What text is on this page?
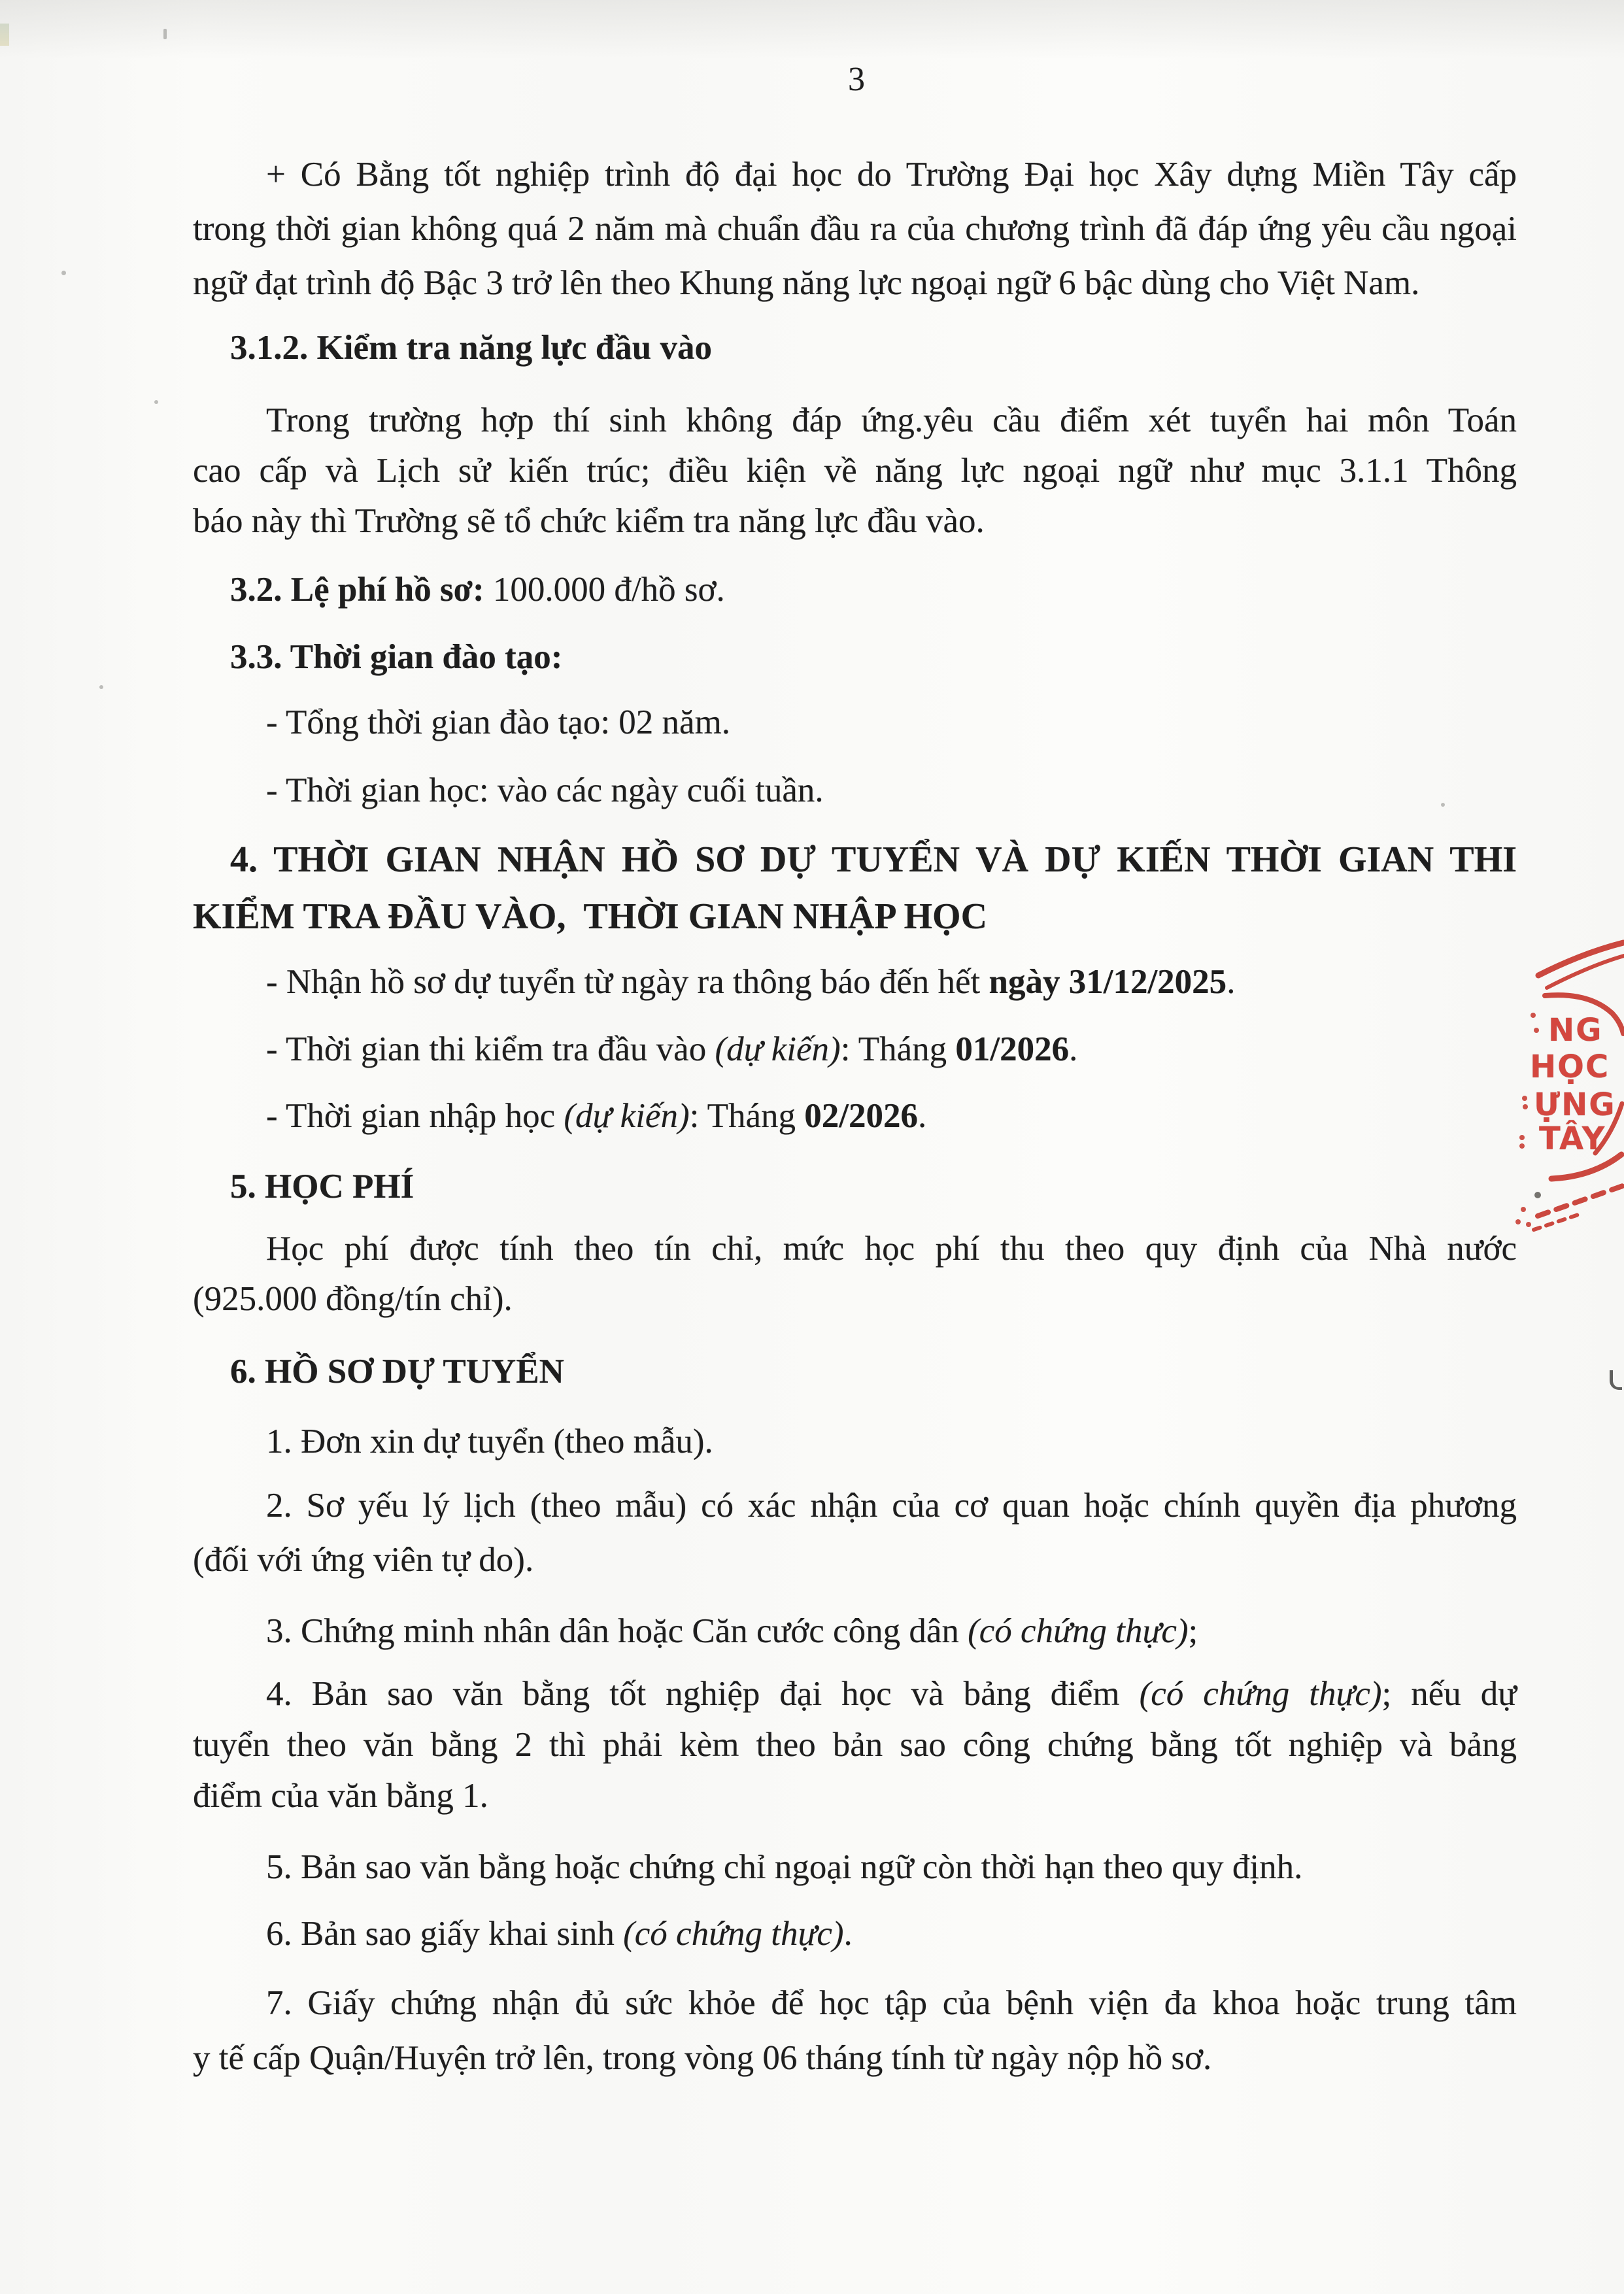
3
+ Có Bằng tốt nghiệp trình độ đại học do Trường Đại học Xây dựng Miền Tây cấp
trong thời gian không quá 2 năm mà chuẩn đầu ra của chương trình đã đáp ứng yêu cầu ngoại
ngữ đạt trình độ Bậc 3 trở lên theo Khung năng lực ngoại ngữ 6 bậc dùng cho Việt Nam.
3.1.2. Kiểm tra năng lực đầu vào
Trong trường hợp thí sinh không đáp ứng.yêu cầu điểm xét tuyển hai môn Toán
cao cấp và Lịch sử kiến trúc; điều kiện về năng lực ngoại ngữ như mục 3.1.1 Thông
báo này thì Trường sẽ tổ chức kiểm tra năng lực đầu vào.
3.2. Lệ phí hồ sơ: 100.000 đ/hồ sơ.
3.3. Thời gian đào tạo:
- Tổng thời gian đào tạo: 02 năm.
- Thời gian học: vào các ngày cuối tuần.
4. THỜI GIAN NHẬN HỒ SƠ DỰ TUYỂN VÀ DỰ KIẾN THỜI GIAN THI
KIỂM TRA ĐẦU VÀO,  THỜI GIAN NHẬP HỌC
- Nhận hồ sơ dự tuyển từ ngày ra thông báo đến hết ngày 31/12/2025.
- Thời gian thi kiểm tra đầu vào (dự kiến): Tháng 01/2026.
- Thời gian nhập học (dự kiến): Tháng 02/2026.
5. HỌC PHÍ
Học phí được tính theo tín chỉ, mức học phí thu theo quy định của Nhà nước
(925.000 đồng/tín chỉ).
6. HỒ SƠ DỰ TUYỂN
1. Đơn xin dự tuyển (theo mẫu).
2. Sơ yếu lý lịch (theo mẫu) có xác nhận của cơ quan hoặc chính quyền địa phương
(đối với ứng viên tự do).
3. Chứng minh nhân dân hoặc Căn cước công dân (có chứng thực);
4. Bản sao văn bằng tốt nghiệp đại học và bảng điểm (có chứng thực); nếu dự
tuyển theo văn bằng 2 thì phải kèm theo bản sao công chứng bằng tốt nghiệp và bảng
điểm của văn bằng 1.
5. Bản sao văn bằng hoặc chứng chỉ ngoại ngữ còn thời hạn theo quy định.
6. Bản sao giấy khai sinh (có chứng thực).
7. Giấy chứng nhận đủ sức khỏe để học tập của bệnh viện đa khoa hoặc trung tâm
y tế cấp Quận/Huyện trở lên, trong vòng 06 tháng tính từ ngày nộp hồ sơ.
NG
HỌC
ỰNG
TÂY
